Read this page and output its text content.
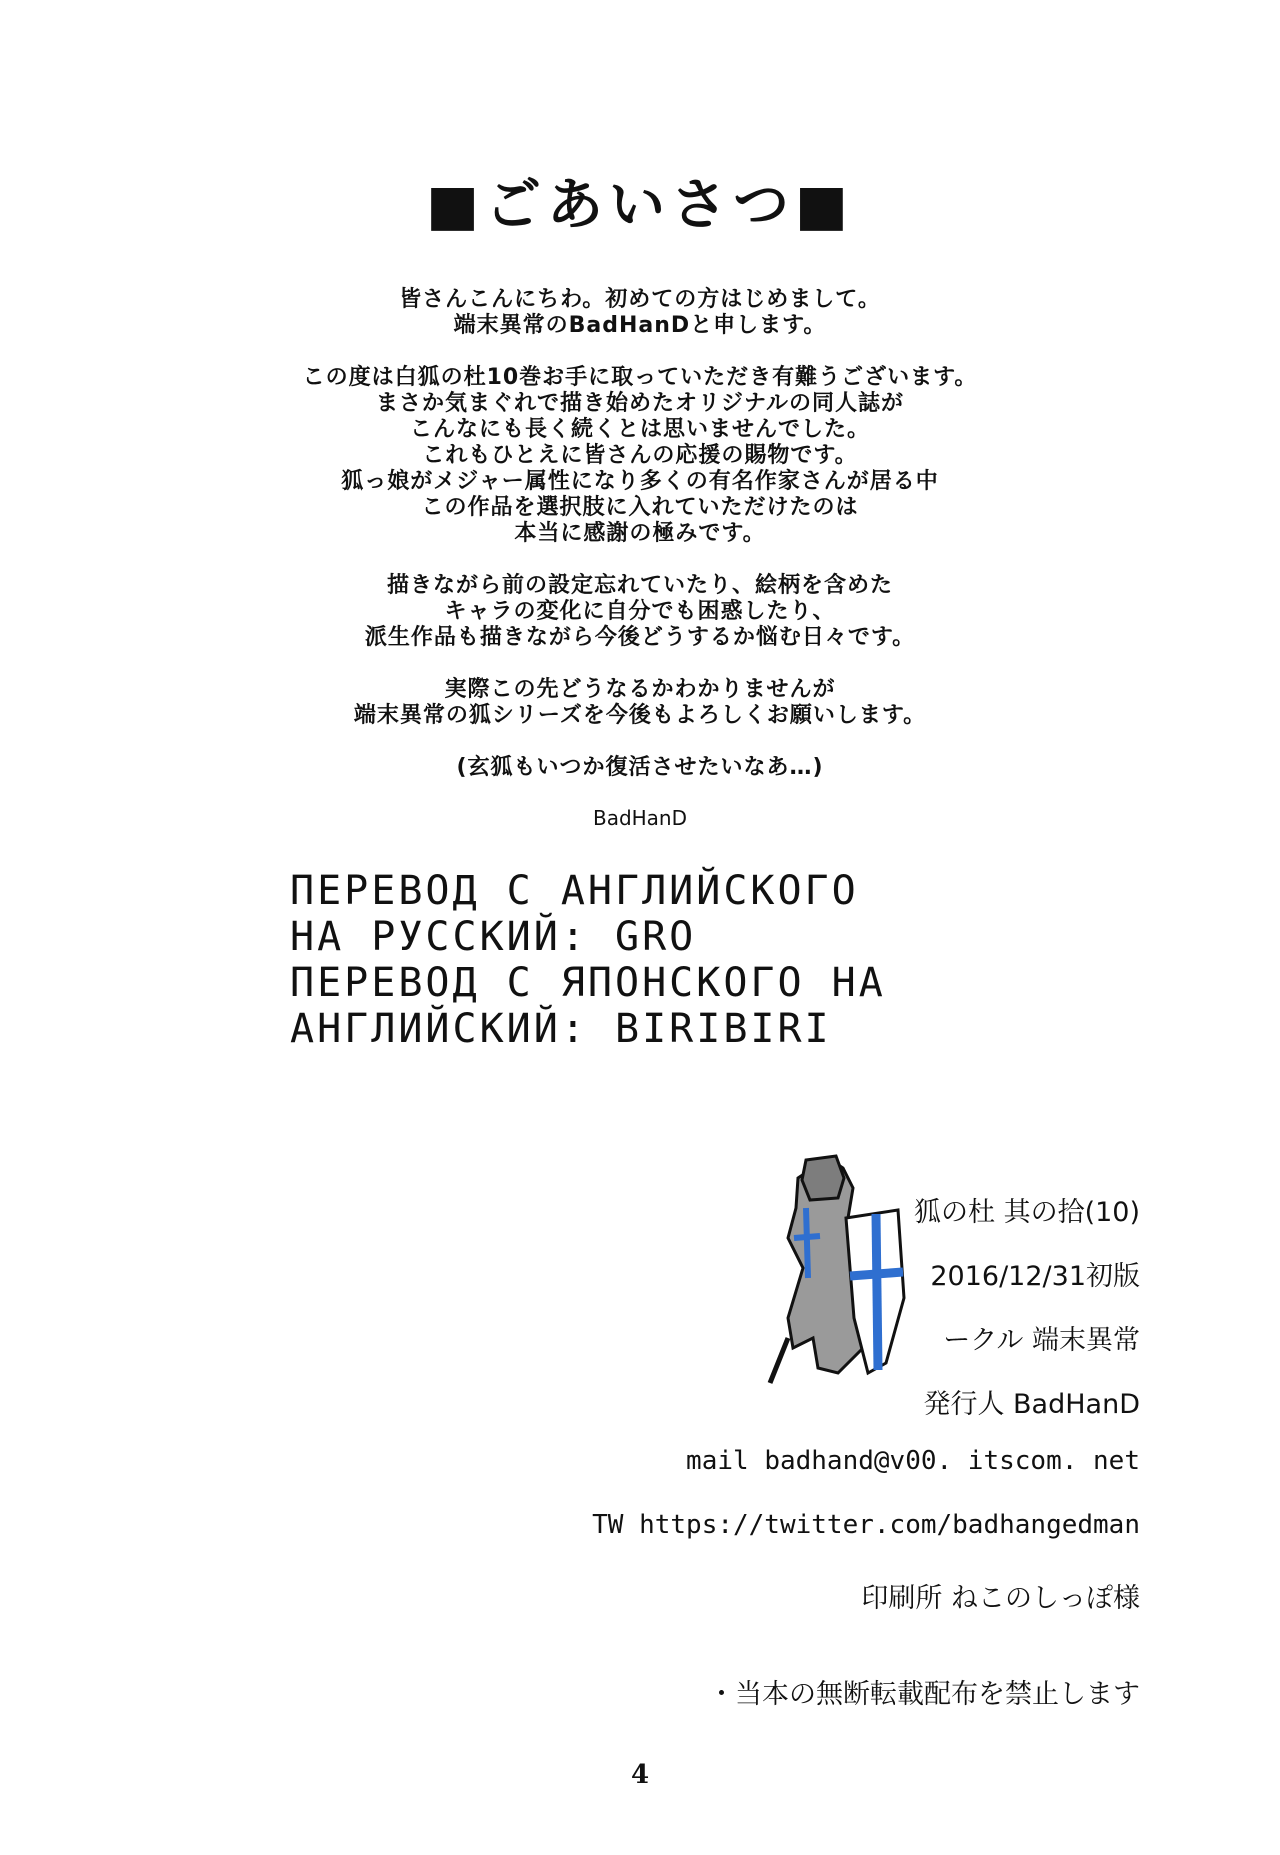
■ごあいさつ■
皆さんこんにちわ。初めての方はじめまして。
端末異常のBadHanDと申します。
この度は白狐の杜10巻お手に取っていただき有難うございます。
まさか気まぐれで描き始めたオリジナルの同人誌が
こんなにも長く続くとは思いませんでした。
これもひとえに皆さんの応援の賜物です。
狐っ娘がメジャー属性になり多くの有名作家さんが居る中
この作品を選択肢に入れていただけたのは
本当に感謝の極みです。
描きながら前の設定忘れていたり、絵柄を含めた
キャラの変化に自分でも困惑したり、
派生作品も描きながら今後どうするか悩む日々です。
実際この先どうなるかわかりませんが
端末異常の狐シリーズを今後もよろしくお願いします。
(玄狐もいつか復活させたいなあ…)
BadHanD
ПЕРЕВОД С АНГЛИЙСКОГО
НА РУССКИЙ: GRO
ПЕРЕВОД С ЯПОНСКОГО НА
АНГЛИЙСКИЙ: BIRIBIRI
狐の杜 其の拾(10)
2016/12/31初版
ークル 端末異常
発行人 BadHanD
mail badhand@v00. itscom. net
TW https://twitter.com/badhangedman
印刷所 ねこのしっぽ様
・当本の無断転載配布を禁止します
4
